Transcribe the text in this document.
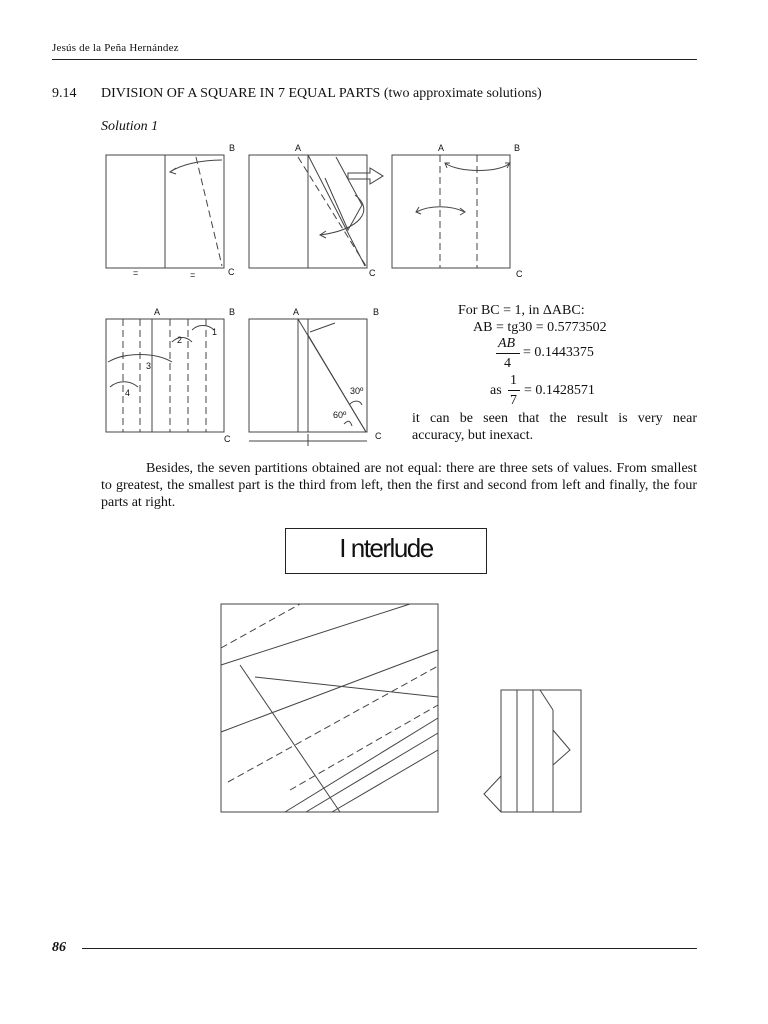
Jesús de la Peña Hernández
9.14 DIVISION OF A SQUARE IN 7 EQUAL PARTS (two approximate solutions)
Solution 1
B
C
=	=
A
C
A	B
C
A	B
C
1
2
3
4
A	B
C
30º
60º
For BC = 1, in ΔABC:
AB = tg30 = 0.5773502
AB
4
= 0.1443375
as
1
7
= 0.1428571
it can be seen that the result is very near
accuracy, but inexact.
Besides, the seven partitions obtained are not equal: there are three sets of values. From smallest to greatest, the smallest part is the third from left, then the first and second from left and finally, the four parts at right.
I nterlude
86
